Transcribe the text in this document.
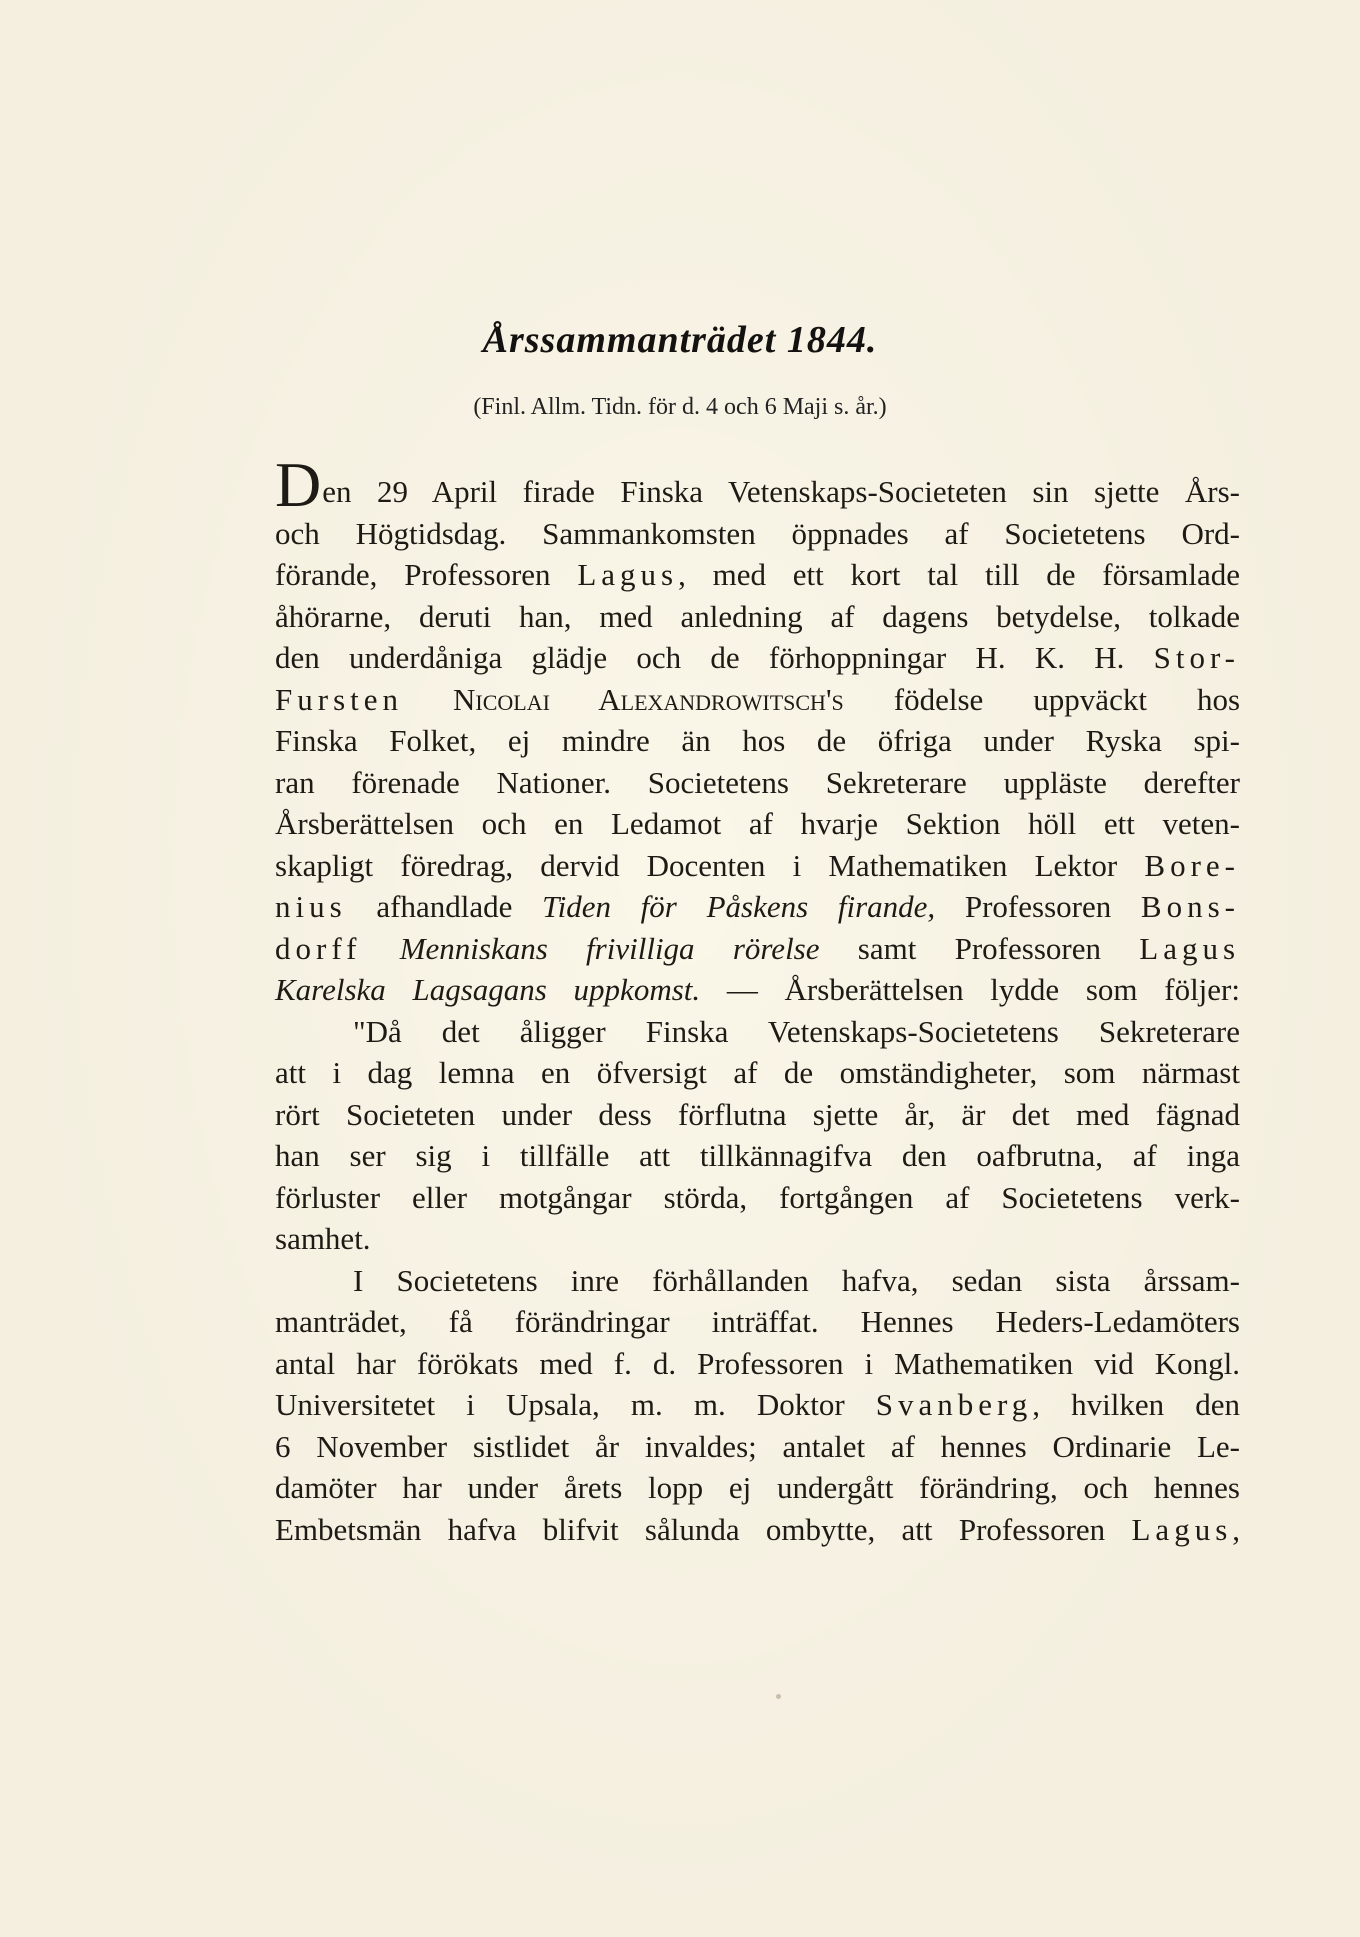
Årssammanträdet 1844.
(Finl. Allm. Tidn. för d. 4 och 6 Maji s. år.)
Den 29 April firade Finska Vetenskaps-Societeten sin sjette Års-
och Högtidsdag. Sammankomsten öppnades af Societetens Ord-
förande, Professoren Lagus, med ett kort tal till de församlade
åhörarne, deruti han, med anledning af dagens betydelse, tolkade
den underdåniga glädje och de förhoppningar H. K. H. Stor-
Fursten Nicolai Alexandrowitsch's födelse uppväckt hos
Finska Folket, ej mindre än hos de öfriga under Ryska spi-
ran förenade Nationer. Societetens Sekreterare uppläste derefter
Årsberättelsen och en Ledamot af hvarje Sektion höll ett veten-
skapligt föredrag, dervid Docenten i Mathematiken Lektor Bore-
nius afhandlade Tiden för Påskens firande, Professoren Bons-
dorff Menniskans frivilliga rörelse samt Professoren Lagus
Karelska Lagsagans uppkomst. — Årsberättelsen lydde som följer:
"Då det åligger Finska Vetenskaps-Societetens Sekreterare
att i dag lemna en öfversigt af de omständigheter, som närmast
rört Societeten under dess förflutna sjette år, är det med fägnad
han ser sig i tillfälle att tillkännagifva den oafbrutna, af inga
förluster eller motgångar störda, fortgången af Societetens verk-
samhet.
I Societetens inre förhållanden hafva, sedan sista årssam-
manträdet, få förändringar inträffat. Hennes Heders-Ledamöters
antal har förökats med f. d. Professoren i Mathematiken vid Kongl.
Universitetet i Upsala, m. m. Doktor Svanberg, hvilken den
6 November sistlidet år invaldes; antalet af hennes Ordinarie Le-
damöter har under årets lopp ej undergått förändring, och hennes
Embetsmän hafva blifvit sålunda ombytte, att Professoren Lagus,
